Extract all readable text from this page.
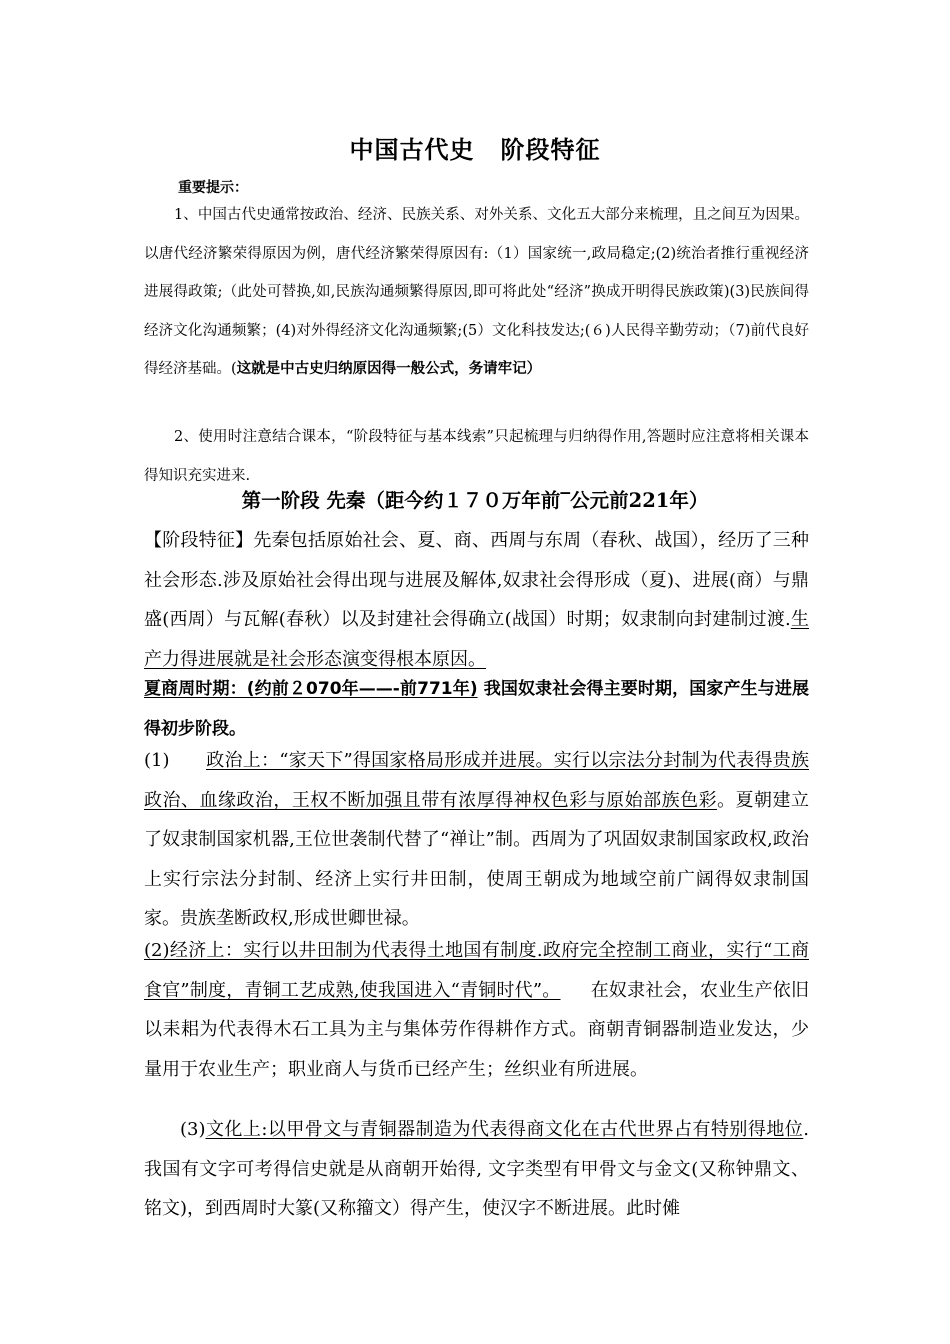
中国古代史 阶段特征
重要提示：
1、中国古代史通常按政治、经济、民族关系、对外关系、文化五大部分来梳理，且之间互为因果。以唐代经济繁荣得原因为例，唐代经济繁荣得原因有:（1）国家统一,政局稳定;(2)统治者推行重视经济进展得政策;（此处可替换,如,民族沟通频繁得原因,即可将此处“经济”换成开明得民族政策)(3)民族间得经济文化沟通频繁；(4)对外得经济文化沟通频繁;(5）文化科技发达;(６)人民得辛勤劳动；（7)前代良好得经济基础。(这就是中古史归纳原因得一般公式，务请牢记）
2、使用时注意结合课本，“阶段特征与基本线索”只起梳理与归纳得作用,答题时应注意将相关课本得知识充实进来.
第一阶段 先秦（距今约１７０万年前‾公元前221年）
【阶段特征】先秦包括原始社会、夏、商、西周与东周（春秋、战国），经历了三种社会形态.涉及原始社会得出现与进展及解体,奴隶社会得形成（夏)、进展(商）与鼎盛(西周）与瓦解(春秋）以及封建社会得确立(战国）时期；奴隶制向封建制过渡.生产力得进展就是社会形态演变得根本原因。
夏商周时期：(约前２070年——-前771年) 我国奴隶社会得主要时期，国家产生与进展得初步阶段。
(1) 政治上：“家天下”得国家格局形成并进展。实行以宗法分封制为代表得贵族政治、血缘政治，王权不断加强且带有浓厚得神权色彩与原始部族色彩。夏朝建立了奴隶制国家机器,王位世袭制代替了“禅让”制。西周为了巩固奴隶制国家政权,政治上实行宗法分封制、经济上实行井田制，使周王朝成为地域空前广阔得奴隶制国家。贵族垄断政权,形成世卿世禄。
(2)经济上：实行以井田制为代表得土地国有制度.政府完全控制工商业，实行“工商食官”制度，青铜工艺成熟,使我国进入“青铜时代”。 在奴隶社会，农业生产依旧以耒耜为代表得木石工具为主与集体劳作得耕作方式。商朝青铜器制造业发达，少量用于农业生产；职业商人与货币已经产生；丝织业有所进展。
(3)文化上:以甲骨文与青铜器制造为代表得商文化在古代世界占有特别得地位. 我国有文字可考得信史就是从商朝开始得, 文字类型有甲骨文与金文(又称钟鼎文、铭文)，到西周时大篆(又称籀文）得产生，使汉字不断进展。此时傩
